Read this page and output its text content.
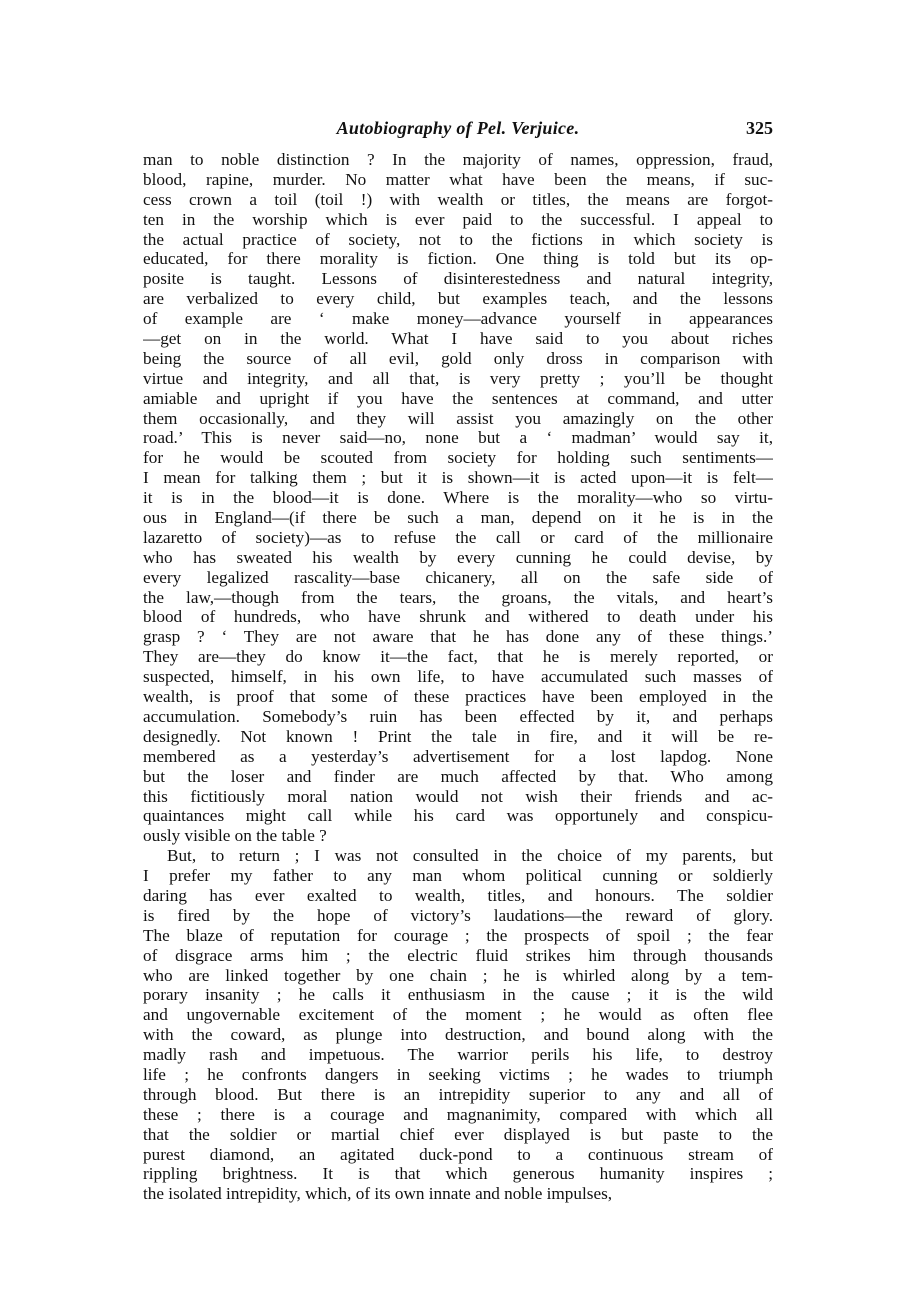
Autobiography of Pel. Verjuice.	325
man to noble distinction ? In the majority of names, oppression, fraud,
blood, rapine, murder. No matter what have been the means, if suc-
cess crown a toil (toil !) with wealth or titles, the means are forgot-
ten in the worship which is ever paid to the successful. I appeal to
the actual practice of society, not to the fictions in which society is
educated, for there morality is fiction. One thing is told but its op-
posite is taught. Lessons of disinterestedness and natural integrity,
are verbalized to every child, but examples teach, and the lessons
of example are ‘ make money—advance yourself in appearances
—get on in the world. What I have said to you about riches
being the source of all evil, gold only dross in comparison with
virtue and integrity, and all that, is very pretty ; you’ll be thought
amiable and upright if you have the sentences at command, and utter
them occasionally, and they will assist you amazingly on the other
road.’ This is never said—no, none but a ‘ madman’ would say it,
for he would be scouted from society for holding such sentiments—
I mean for talking them ; but it is shown—it is acted upon—it is felt—
it is in the blood—it is done. Where is the morality—who so virtu-
ous in England—(if there be such a man, depend on it he is in the
lazaretto of society)—as to refuse the call or card of the millionaire
who has sweated his wealth by every cunning he could devise, by
every legalized rascality—base chicanery, all on the safe side of
the law,—though from the tears, the groans, the vitals, and heart’s
blood of hundreds, who have shrunk and withered to death under his
grasp ? ‘ They are not aware that he has done any of these things.’
They are—they do know it—the fact, that he is merely reported, or
suspected, himself, in his own life, to have accumulated such masses of
wealth, is proof that some of these practices have been employed in the
accumulation. Somebody’s ruin has been effected by it, and perhaps
designedly. Not known ! Print the tale in fire, and it will be re-
membered as a yesterday’s advertisement for a lost lapdog. None
but the loser and finder are much affected by that. Who among
this fictitiously moral nation would not wish their friends and ac-
quaintances might call while his card was opportunely and conspicu-
ously visible on the table ?
But, to return ; I was not consulted in the choice of my parents, but
I prefer my father to any man whom political cunning or soldierly
daring has ever exalted to wealth, titles, and honours. The soldier
is fired by the hope of victory’s laudations—the reward of glory.
The blaze of reputation for courage ; the prospects of spoil ; the fear
of disgrace arms him ; the electric fluid strikes him through thousands
who are linked together by one chain ; he is whirled along by a tem-
porary insanity ; he calls it enthusiasm in the cause ; it is the wild
and ungovernable excitement of the moment ; he would as often flee
with the coward, as plunge into destruction, and bound along with the
madly rash and impetuous. The warrior perils his life, to destroy
life ; he confronts dangers in seeking victims ; he wades to triumph
through blood. But there is an intrepidity superior to any and all of
these ; there is a courage and magnanimity, compared with which all
that the soldier or martial chief ever displayed is but paste to the
purest diamond, an agitated duck-pond to a continuous stream of
rippling brightness. It is that which generous humanity inspires ;
the isolated intrepidity, which, of its own innate and noble impulses,
